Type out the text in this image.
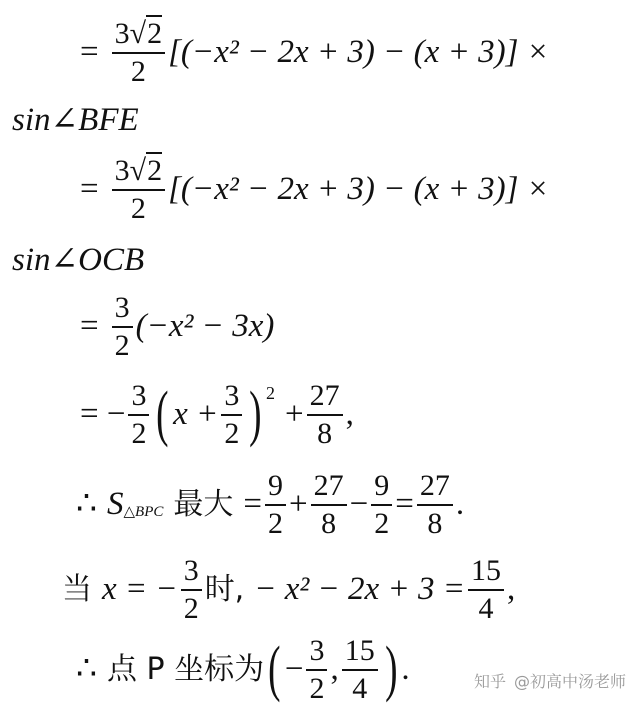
= $\frac{3√2}{2} [(-x^2 - 2x + 3) - (x + 3)]$ ×
sin∠BFE
= $\frac{3√2}{2} [(-x^2 - 2x + 3) - (x + 3)]$ ×
sin∠OCB
= $\frac{3}{2} (-x^2 - 3x)$
= − $\frac{3}{2}$ ( $x + \frac{3}{2} )^2$
+ $\frac{27}{8}$ ,
∴ $S_{\triangle BPC}$ 最大 = $\frac{9}{2} + \frac{27}{8} - \frac{9}{2} = \frac{27}{8}$ .
当 x = − $\frac{3}{2}$ 时, − $x^2 - 2x + 3 = \frac{15}{4}$ ,
∴ 点 P 坐标为 ( − $\frac{3}{2}$ , $\frac{15}{4}$ ) .	知乎 @初高中汤老师
